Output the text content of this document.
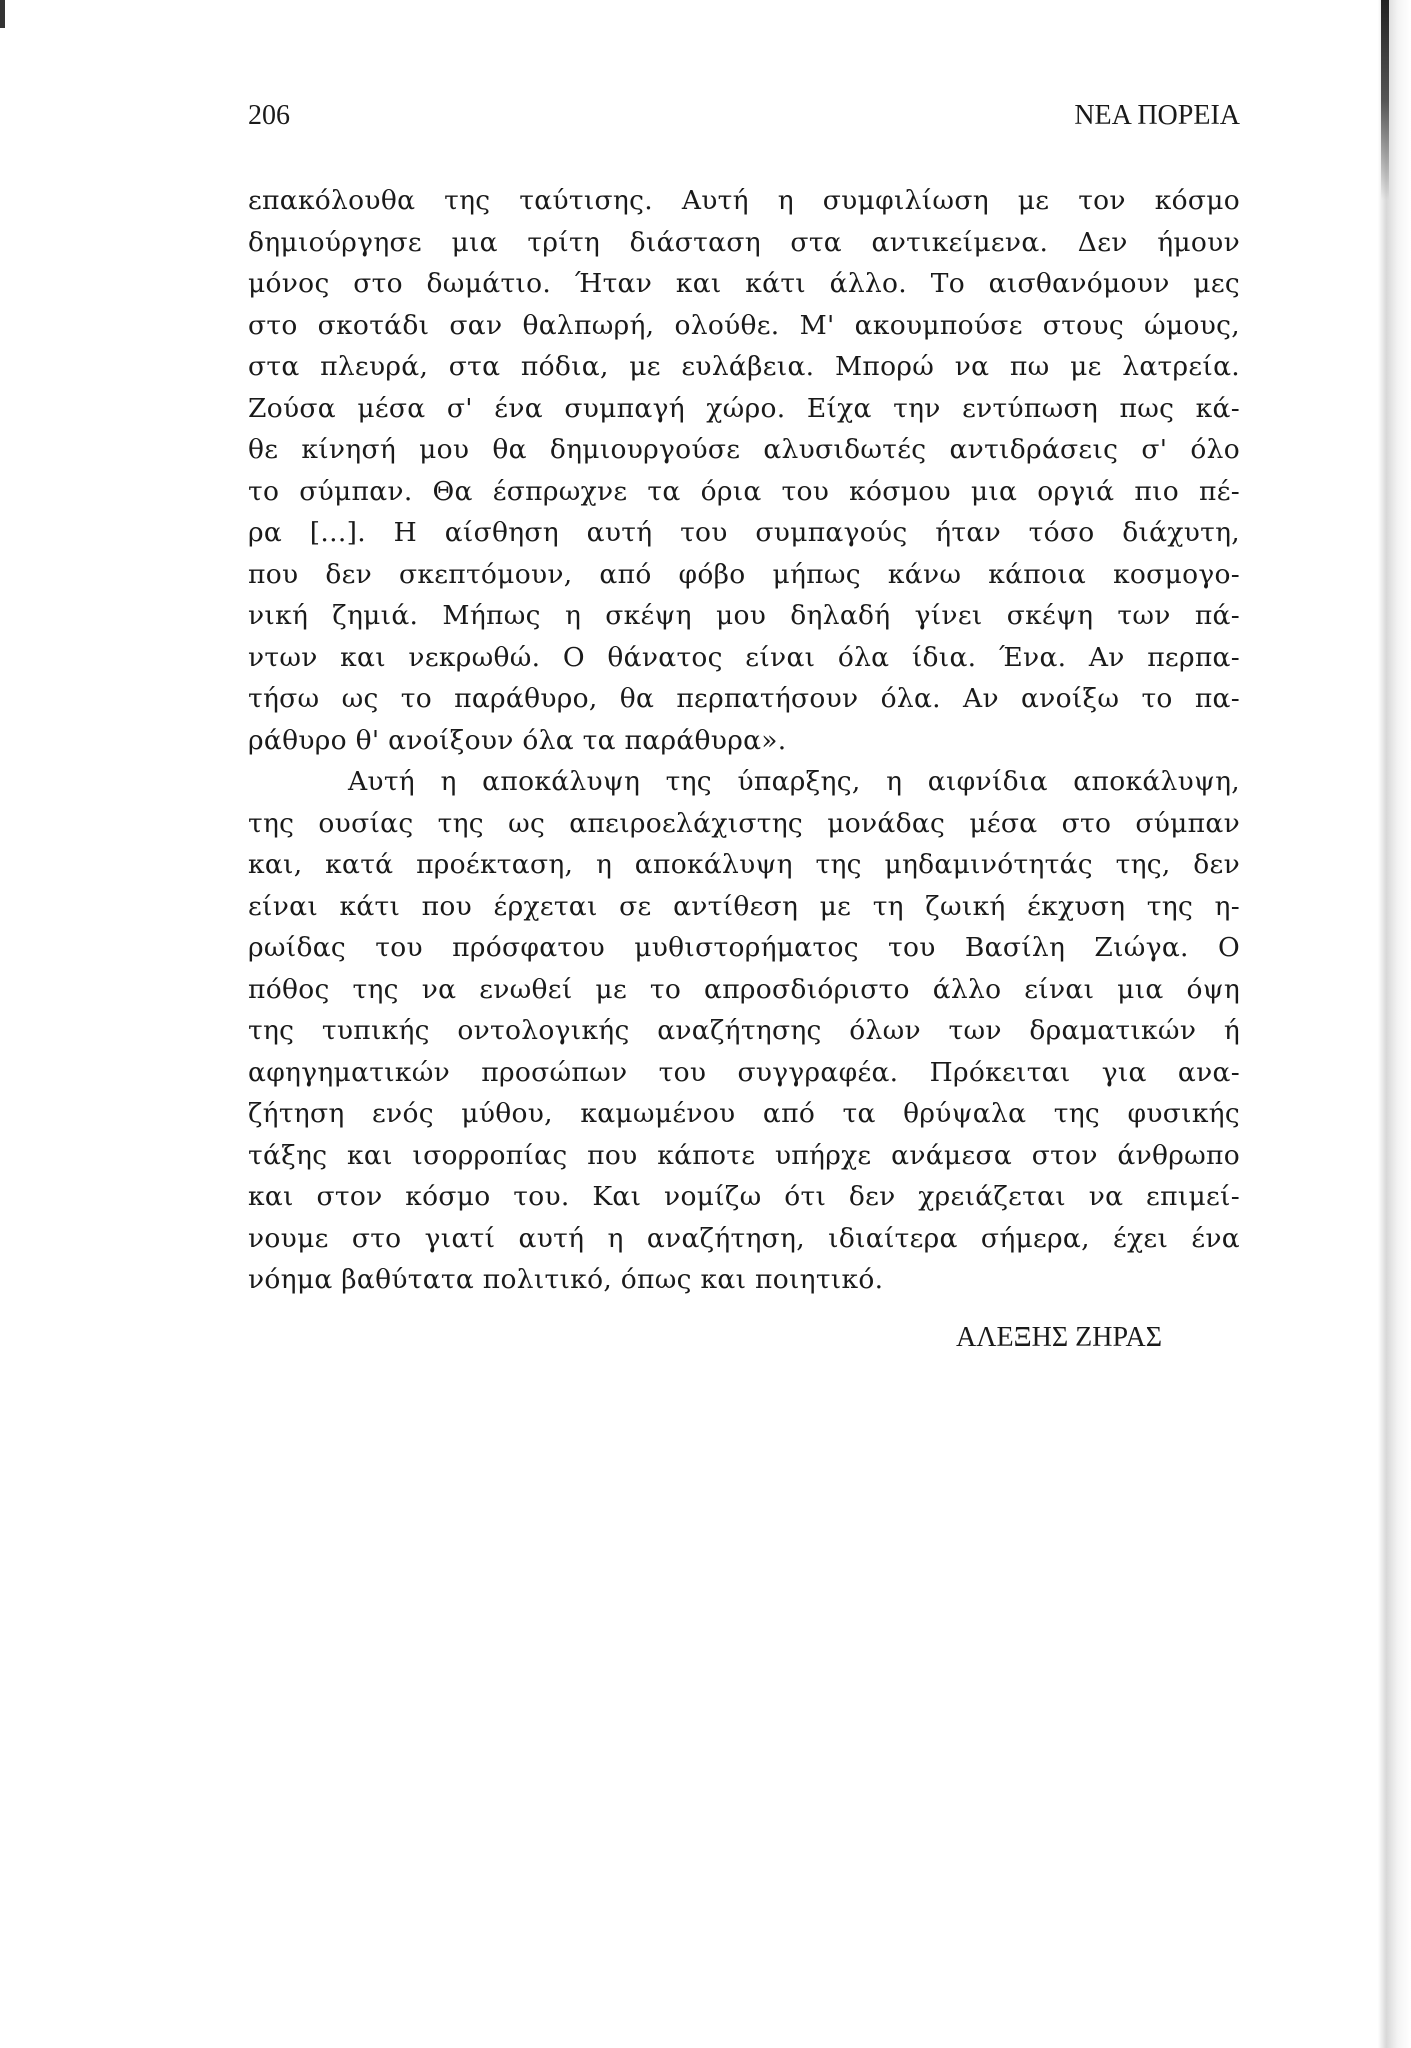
206	ΝΕΑ ΠΟΡΕΙΑ
επακόλουθα της ταύτισης. Αυτή η συμφιλίωση με τον κόσμο
δημιούργησε μια τρίτη διάσταση στα αντικείμενα. Δεν ήμουν
μόνος στο δωμάτιο. Ήταν και κάτι άλλο. Το αισθανόμουν μες
στο σκοτάδι σαν θαλπωρή, ολούθε. Μ' ακουμπούσε στους ώμους,
στα πλευρά, στα πόδια, με ευλάβεια. Μπορώ να πω με λατρεία.
Ζούσα μέσα σ' ένα συμπαγή χώρο. Είχα την εντύπωση πως κά-
θε κίνησή μου θα δημιουργούσε αλυσιδωτές αντιδράσεις σ' όλο
το σύμπαν. Θα έσπρωχνε τα όρια του κόσμου μια οργιά πιο πέ-
ρα [...]. Η αίσθηση αυτή του συμπαγούς ήταν τόσο διάχυτη,
που δεν σκεπτόμουν, από φόβο μήπως κάνω κάποια κοσμογο-
νική ζημιά. Μήπως η σκέψη μου δηλαδή γίνει σκέψη των πά-
ντων και νεκρωθώ. Ο θάνατος είναι όλα ίδια. Ένα. Αν περπα-
τήσω ως το παράθυρο, θα περπατήσουν όλα. Αν ανοίξω το πα-
ράθυρο θ' ανοίξουν όλα τα παράθυρα».
Αυτή η αποκάλυψη της ύπαρξης, η αιφνίδια αποκάλυψη,
της ουσίας της ως απειροελάχιστης μονάδας μέσα στο σύμπαν
και, κατά προέκταση, η αποκάλυψη της μηδαμινότητάς της, δεν
είναι κάτι που έρχεται σε αντίθεση με τη ζωική έκχυση της η-
ρωίδας του πρόσφατου μυθιστορήματος του Βασίλη Ζιώγα. Ο
πόθος της να ενωθεί με το απροσδιόριστο άλλο είναι μια όψη
της τυπικής οντολογικής αναζήτησης όλων των δραματικών ή
αφηγηματικών προσώπων του συγγραφέα. Πρόκειται για ανα-
ζήτηση ενός μύθου, καμωμένου από τα θρύψαλα της φυσικής
τάξης και ισορροπίας που κάποτε υπήρχε ανάμεσα στον άνθρωπο
και στον κόσμο του. Και νομίζω ότι δεν χρειάζεται να επιμεί-
νουμε στο γιατί αυτή η αναζήτηση, ιδιαίτερα σήμερα, έχει ένα
νόημα βαθύτατα πολιτικό, όπως και ποιητικό.
ΑΛΕΞΗΣ ΖΗΡΑΣ
